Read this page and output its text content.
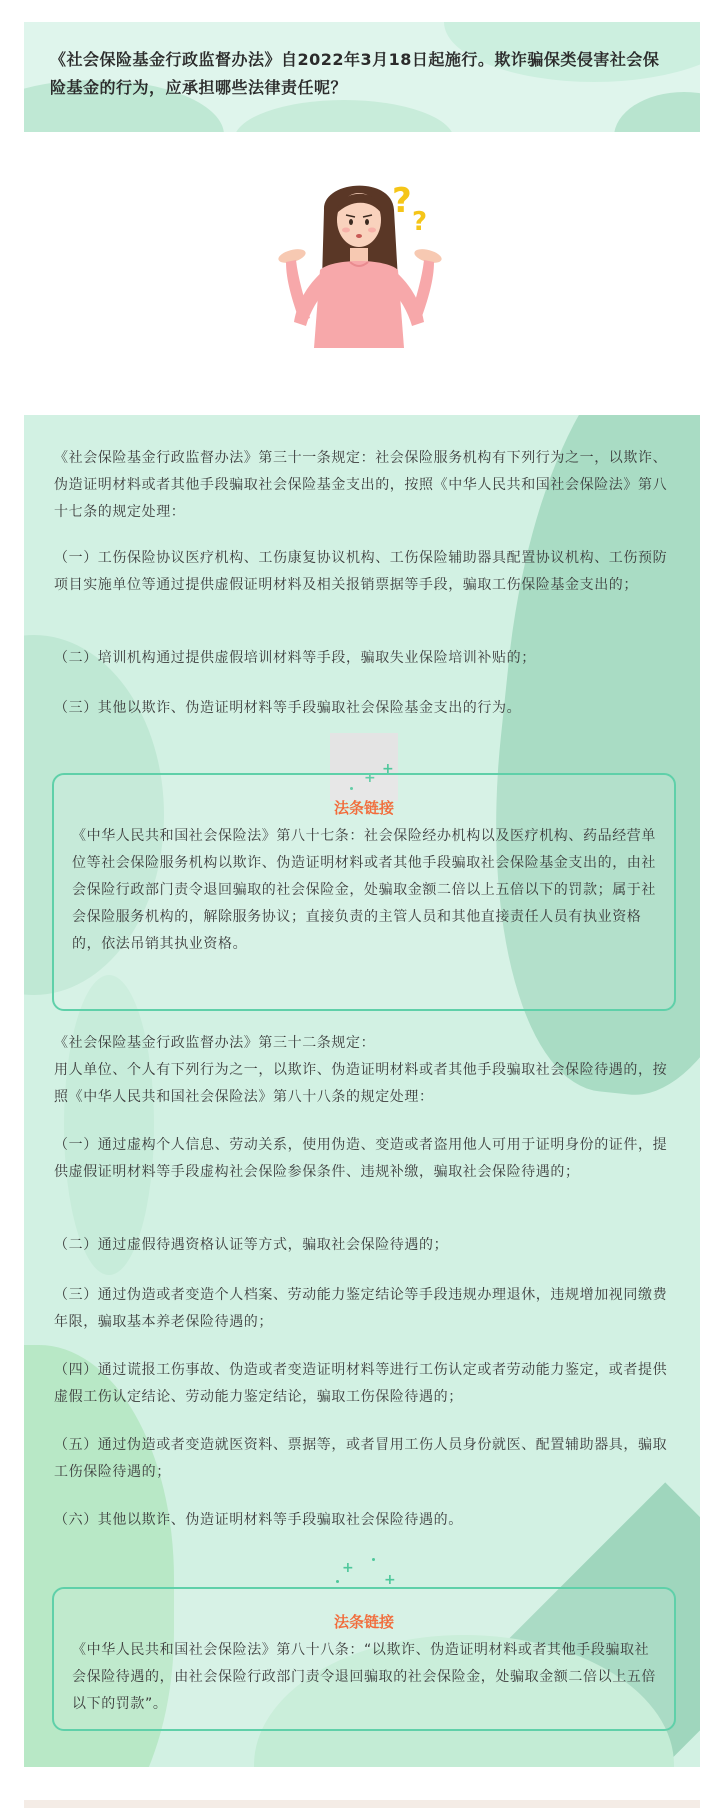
《社会保险基金行政监督办法》自2022年3月18日起施行。欺诈骗保类侵害社会保险基金的行为，应承担哪些法律责任呢？
?
?
《社会保险基金行政监督办法》第三十一条规定：社会保险服务机构有下列行为之一，以欺诈、伪造证明材料或者其他手段骗取社会保险基金支出的，按照《中华人民共和国社会保险法》第八十七条的规定处理：
（一）工伤保险协议医疗机构、工伤康复协议机构、工伤保险辅助器具配置协议机构、工伤预防项目实施单位等通过提供虚假证明材料及相关报销票据等手段，骗取工伤保险基金支出的；
（二）培训机构通过提供虚假培训材料等手段，骗取失业保险培训补贴的；
（三）其他以欺诈、伪造证明材料等手段骗取社会保险基金支出的行为。
+
+
法条链接
《中华人民共和国社会保险法》第八十七条：社会保险经办机构以及医疗机构、药品经营单位等社会保险服务机构以欺诈、伪造证明材料或者其他手段骗取社会保险基金支出的，由社会保险行政部门责令退回骗取的社会保险金，处骗取金额二倍以上五倍以下的罚款；属于社会保险服务机构的，解除服务协议；直接负责的主管人员和其他直接责任人员有执业资格的，依法吊销其执业资格。
《社会保险基金行政监督办法》第三十二条规定：
用人单位、个人有下列行为之一，以欺诈、伪造证明材料或者其他手段骗取社会保险待遇的，按照《中华人民共和国社会保险法》第八十八条的规定处理：
（一）通过虚构个人信息、劳动关系，使用伪造、变造或者盗用他人可用于证明身份的证件，提供虚假证明材料等手段虚构社会保险参保条件、违规补缴，骗取社会保险待遇的；
（二）通过虚假待遇资格认证等方式，骗取社会保险待遇的；
（三）通过伪造或者变造个人档案、劳动能力鉴定结论等手段违规办理退休，违规增加视同缴费年限，骗取基本养老保险待遇的；
（四）通过谎报工伤事故、伪造或者变造证明材料等进行工伤认定或者劳动能力鉴定，或者提供虚假工伤认定结论、劳动能力鉴定结论，骗取工伤保险待遇的；
（五）通过伪造或者变造就医资料、票据等，或者冒用工伤人员身份就医、配置辅助器具，骗取工伤保险待遇的；
（六）其他以欺诈、伪造证明材料等手段骗取社会保险待遇的。
+
+
法条链接
《中华人民共和国社会保险法》第八十八条：“以欺诈、伪造证明材料或者其他手段骗取社会保险待遇的，由社会保险行政部门责令退回骗取的社会保险金，处骗取金额二倍以上五倍以下的罚款”。
